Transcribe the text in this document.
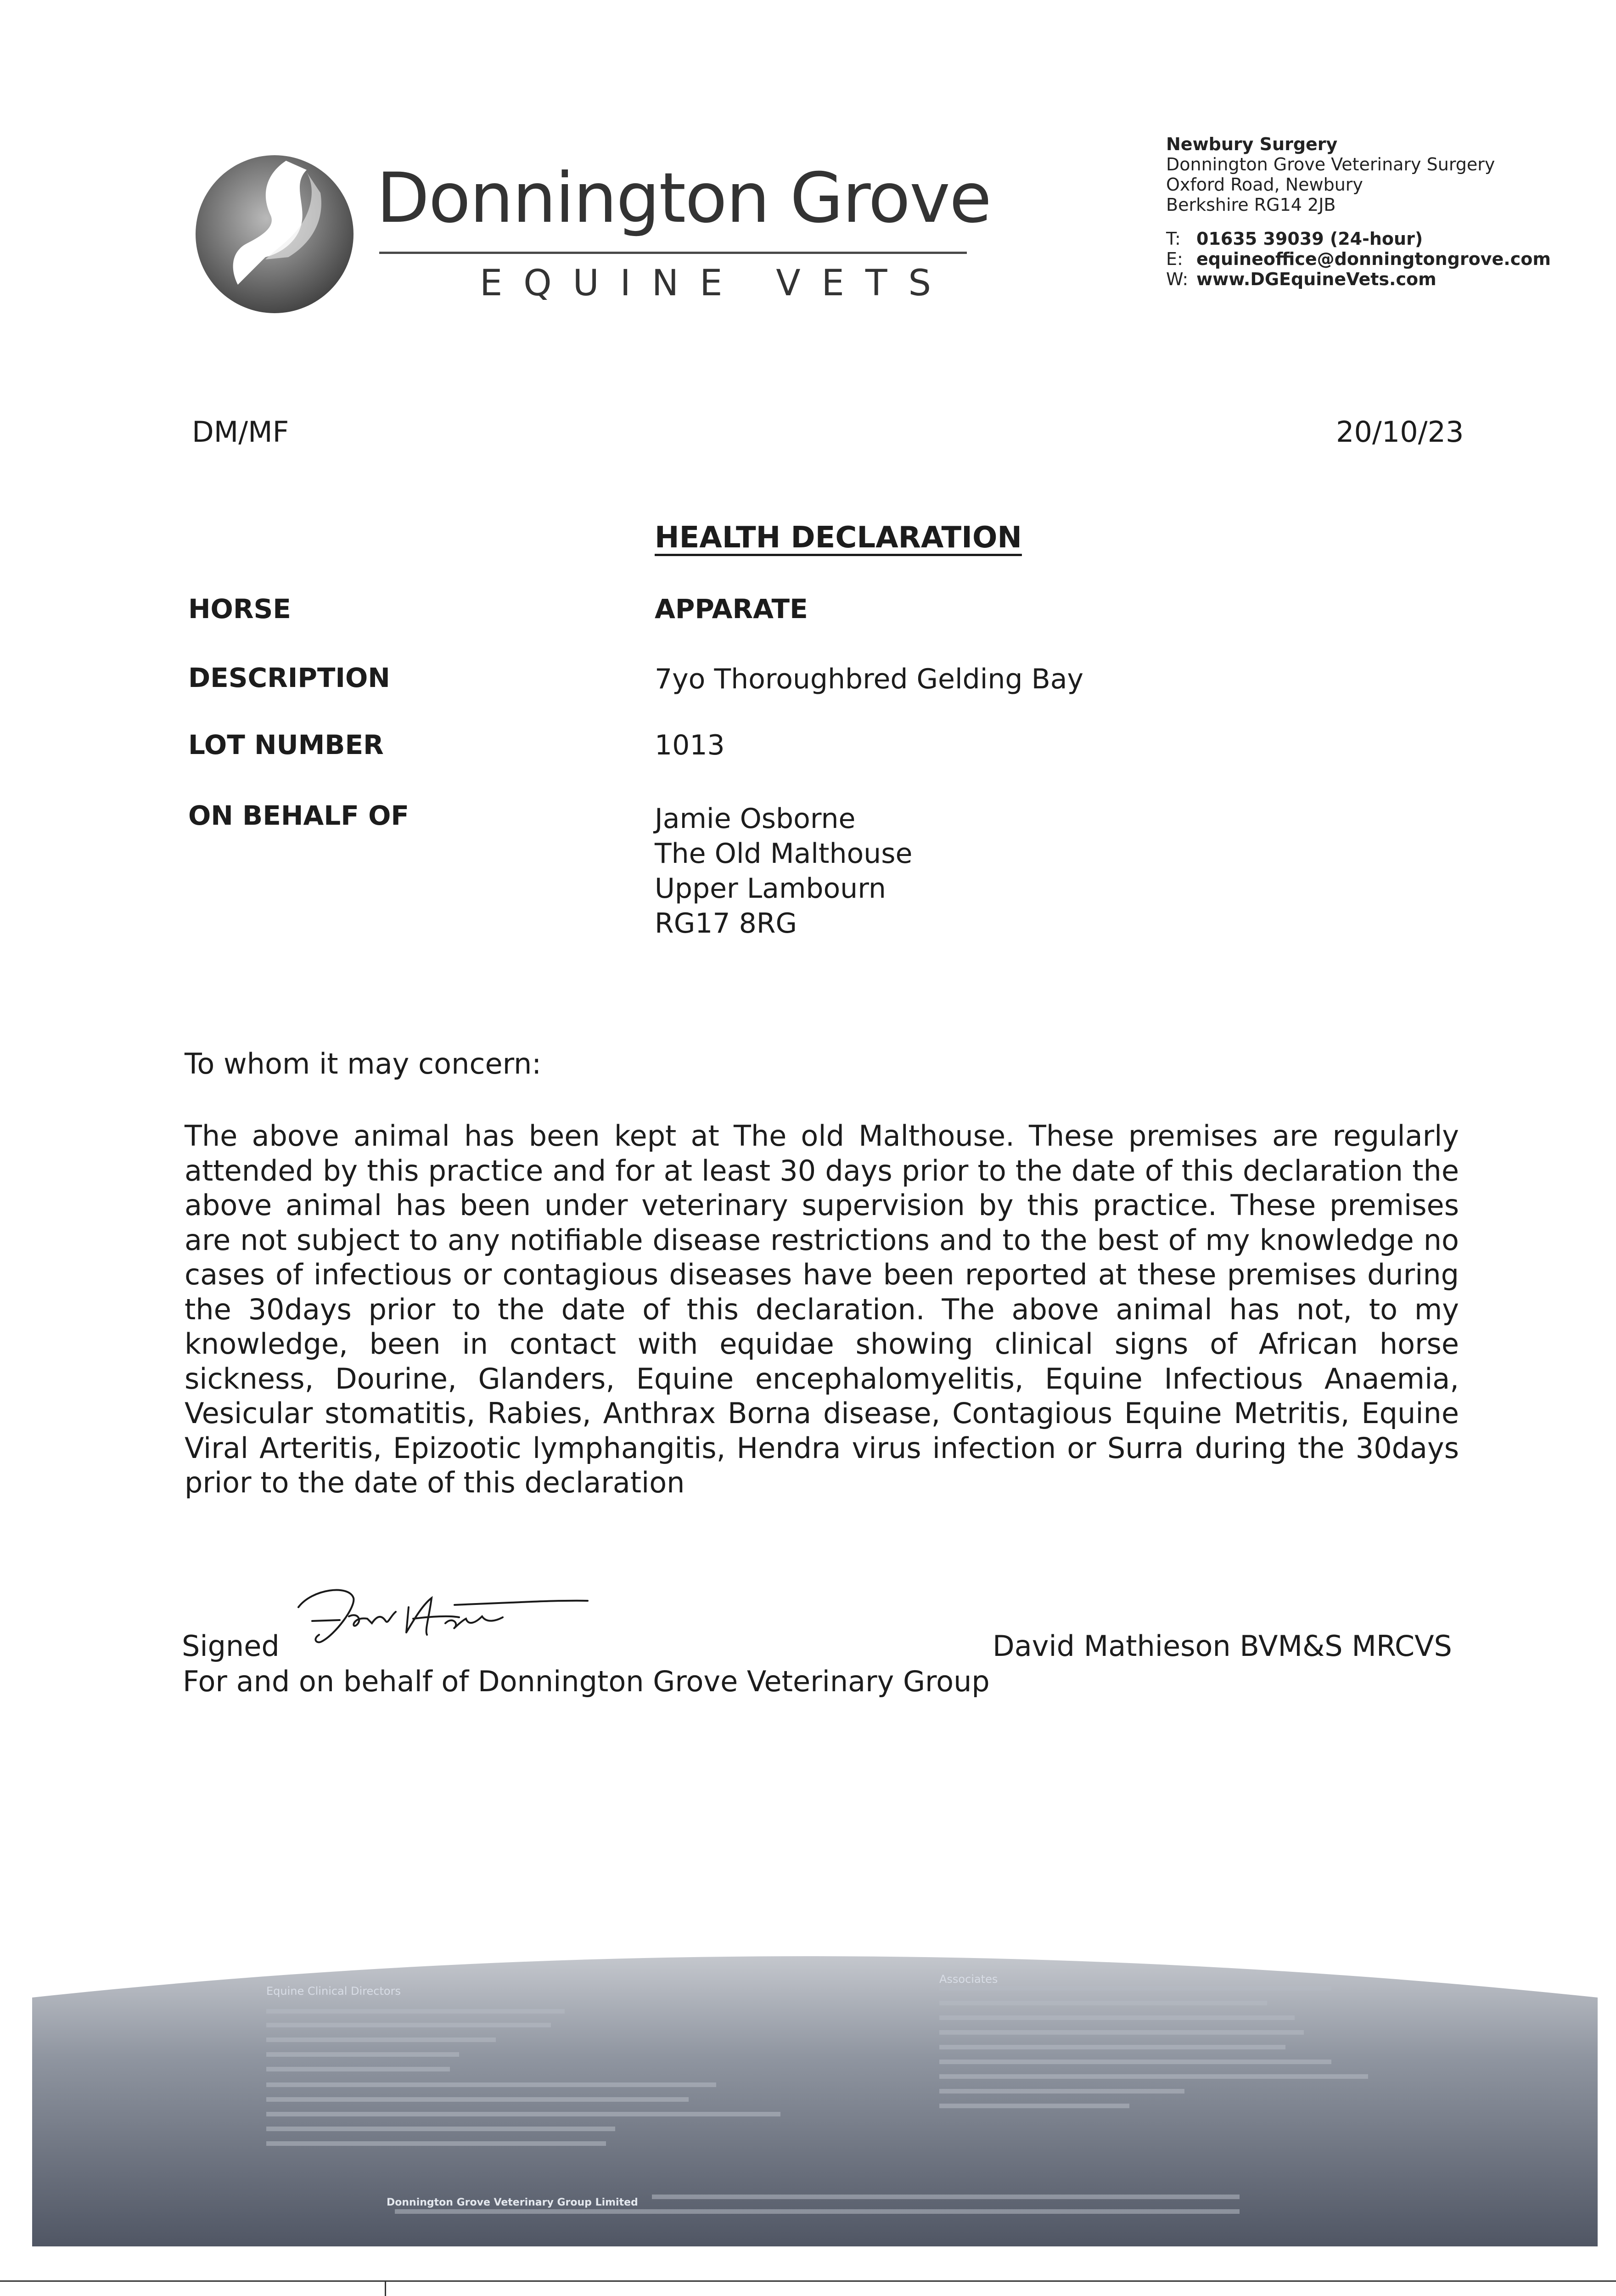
Donnington Grove
EQUINE VETS
Newbury Surgery
Donnington Grove Veterinary Surgery
Oxford Road, Newbury
Berkshire RG14 2JB
T: 01635 39039 (24-hour)
E: equineoffice@donningtongrove.com
W: www.DGEquineVets.com
DM/MF	20/10/23
HEALTH DECLARATION
HORSE	APPARATE
DESCRIPTION	7yo Thoroughbred Gelding Bay
LOT NUMBER	1013
ON BEHALF OF	Jamie Osborne
The Old Malthouse
Upper Lambourn
RG17 8RG
To whom it may concern:
The above animal has been kept at The old Malthouse. These premises are regularly attended by this practice and for at least 30 days prior to the date of this declaration the above animal has been under veterinary supervision by this practice. These premises are not subject to any notifiable disease restrictions and to the best of my knowledge no cases of infectious or contagious diseases have been reported at these premises during the 30days prior to the date of this declaration. The above animal has not, to my knowledge, been in contact with equidae showing clinical signs of African horse sickness, Dourine, Glanders, Equine encephalomyelitis, Equine Infectious Anaemia, Vesicular stomatitis, Rabies, Anthrax Borna disease, Contagious Equine Metritis, Equine Viral Arteritis, Epizootic lymphangitis, Hendra virus infection or Surra during the 30days prior to the date of this declaration
Signed	David Mathieson BVM&S MRCVS
For and on behalf of Donnington Grove Veterinary Group
Equine Clinical Directors
Associates
Donnington Grove Veterinary Group Limited
